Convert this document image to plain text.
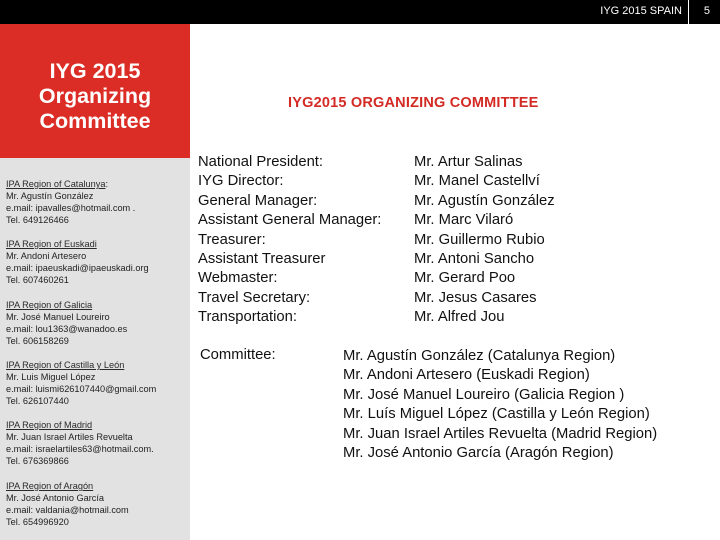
IYG 2015 SPAIN 5
IYG 2015 Organizing Committee
IPA Region of Catalunya:
Mr. Agustín González
e.mail: ipavalles@hotmail.com .
Tel. 649126466
IPA Region of Euskadi
Mr. Andoni Artesero
e.mail: ipaeuskadi@ipaeuskadi.org
Tel. 607460261
IPA Region of Galicia
Mr. José Manuel Loureiro
e.mail: lou1363@wanadoo.es
Tel. 606158269
IPA Region of Castilla y León
Mr. Luis Miguel López
e.mail: luismi626107440@gmail.com
Tel. 626107440
IPA Region of Madrid
Mr. Juan Israel Artiles Revuelta
e.mail: israelartiles63@hotmail.com.
Tel. 676369866
IPA Region of Aragón
Mr. José Antonio García
e.mail: valdania@hotmail.com
Tel. 654996920
IYG2015 ORGANIZING COMMITTEE
National President:	Mr. Artur Salinas
IYG Director:	Mr. Manel Castellví
General Manager:	Mr. Agustín González
Assistant General Manager: Mr. Marc Vilaró
Treasurer:	Mr. Guillermo Rubio
Assistant Treasurer	Mr. Antoni Sancho
Webmaster:	Mr. Gerard Poo
Travel Secretary:	Mr. Jesus Casares
Transportation:	Mr. Alfred Jou
Committee:	Mr. Agustín González (Catalunya Region)
Mr. Andoni Artesero (Euskadi Region)
Mr. José Manuel Loureiro (Galicia Region )
Mr. Luís Miguel López (Castilla y León Region)
Mr. Juan Israel Artiles Revuelta (Madrid Region)
Mr. José Antonio García (Aragón Region)
